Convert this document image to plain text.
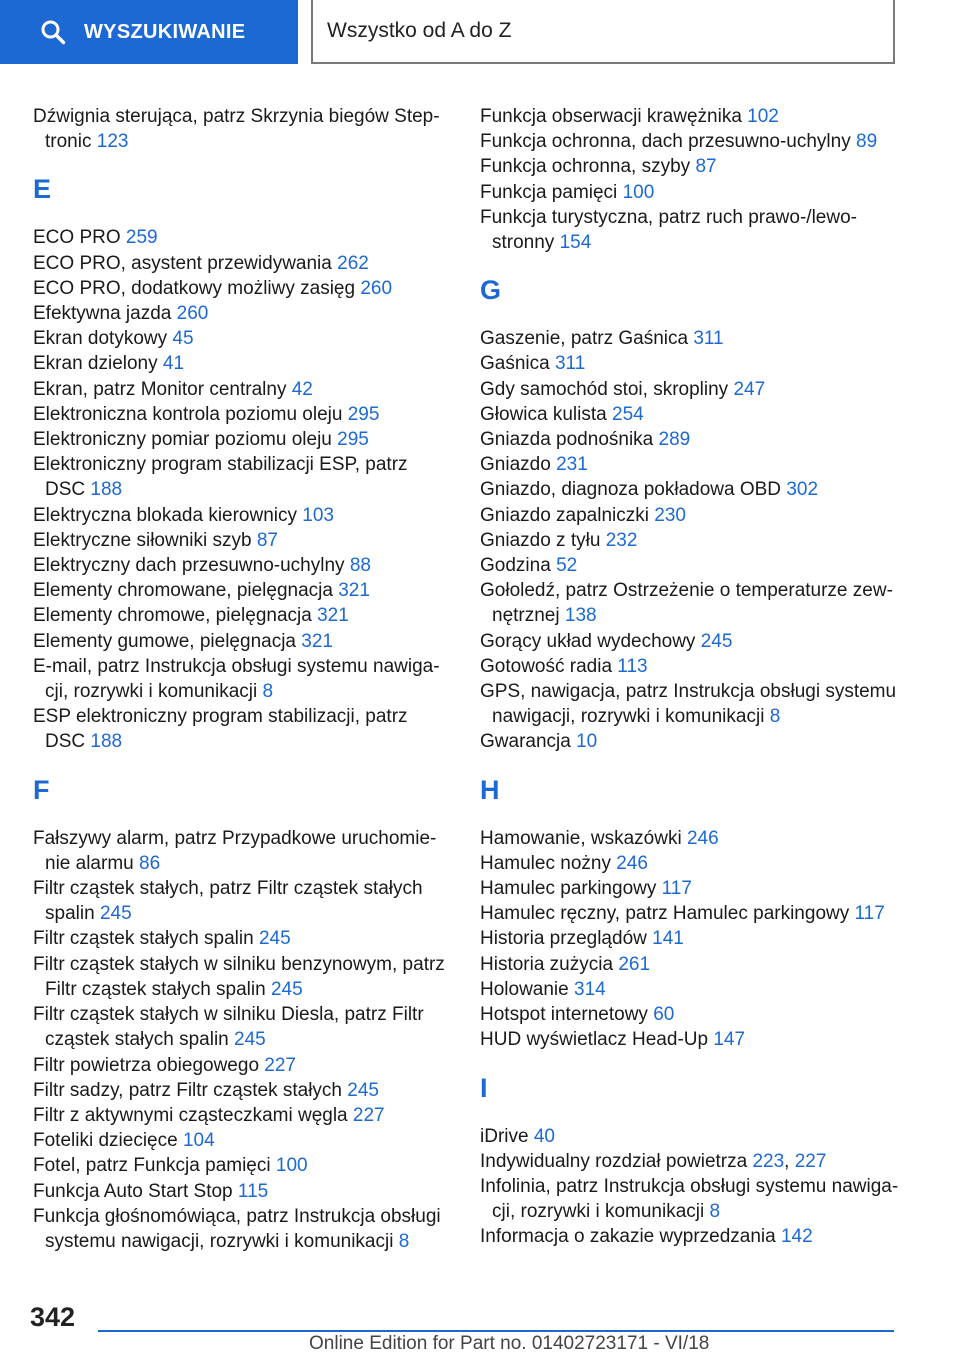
WYSZUKIWANIE	Wszystko od A do Z
Dźwignia sterująca, patrz Skrzynia biegów Step-
tronic 123
E
ECO PRO 259
ECO PRO, asystent przewidywania 262
ECO PRO, dodatkowy możliwy zasięg 260
Efektywna jazda 260
Ekran dotykowy 45
Ekran dzielony 41
Ekran, patrz Monitor centralny 42
Elektroniczna kontrola poziomu oleju 295
Elektroniczny pomiar poziomu oleju 295
Elektroniczny program stabilizacji ESP, patrz
DSC 188
Elektryczna blokada kierownicy 103
Elektryczne siłowniki szyb 87
Elektryczny dach przesuwno-uchylny 88
Elementy chromowane, pielęgnacja 321
Elementy chromowe, pielęgnacja 321
Elementy gumowe, pielęgnacja 321
E-mail, patrz Instrukcja obsługi systemu nawiga-
cji, rozrywki i komunikacji 8
ESP elektroniczny program stabilizacji, patrz
DSC 188
F
Fałszywy alarm, patrz Przypadkowe uruchomie-
nie alarmu 86
Filtr cząstek stałych, patrz Filtr cząstek stałych
spalin 245
Filtr cząstek stałych spalin 245
Filtr cząstek stałych w silniku benzynowym, patrz
Filtr cząstek stałych spalin 245
Filtr cząstek stałych w silniku Diesla, patrz Filtr
cząstek stałych spalin 245
Filtr powietrza obiegowego 227
Filtr sadzy, patrz Filtr cząstek stałych 245
Filtr z aktywnymi cząsteczkami węgla 227
Foteliki dziecięce 104
Fotel, patrz Funkcja pamięci 100
Funkcja Auto Start Stop 115
Funkcja głośnomówiąca, patrz Instrukcja obsługi
systemu nawigacji, rozrywki i komunikacji 8
Funkcja obserwacji krawężnika 102
Funkcja ochronna, dach przesuwno-uchylny 89
Funkcja ochronna, szyby 87
Funkcja pamięci 100
Funkcja turystyczna, patrz ruch prawo-/lewo-
stronny 154
G
Gaszenie, patrz Gaśnica 311
Gaśnica 311
Gdy samochód stoi, skropliny 247
Głowica kulista 254
Gniazda podnośnika 289
Gniazdo 231
Gniazdo, diagnoza pokładowa OBD 302
Gniazdo zapalniczki 230
Gniazdo z tyłu 232
Godzina 52
Gołoledź, patrz Ostrzeżenie o temperaturze zew-
nętrznej 138
Gorący układ wydechowy 245
Gotowość radia 113
GPS, nawigacja, patrz Instrukcja obsługi systemu
nawigacji, rozrywki i komunikacji 8
Gwarancja 10
H
Hamowanie, wskazówki 246
Hamulec nożny 246
Hamulec parkingowy 117
Hamulec ręczny, patrz Hamulec parkingowy 117
Historia przeglądów 141
Historia zużycia 261
Holowanie 314
Hotspot internetowy 60
HUD wyświetlacz Head-Up 147
I
iDrive 40
Indywidualny rozdział powietrza 223, 227
Infolinia, patrz Instrukcja obsługi systemu nawiga-
cji, rozrywki i komunikacji 8
Informacja o zakazie wyprzedzania 142
342
Online Edition for Part no. 01402723171 - VI/18
